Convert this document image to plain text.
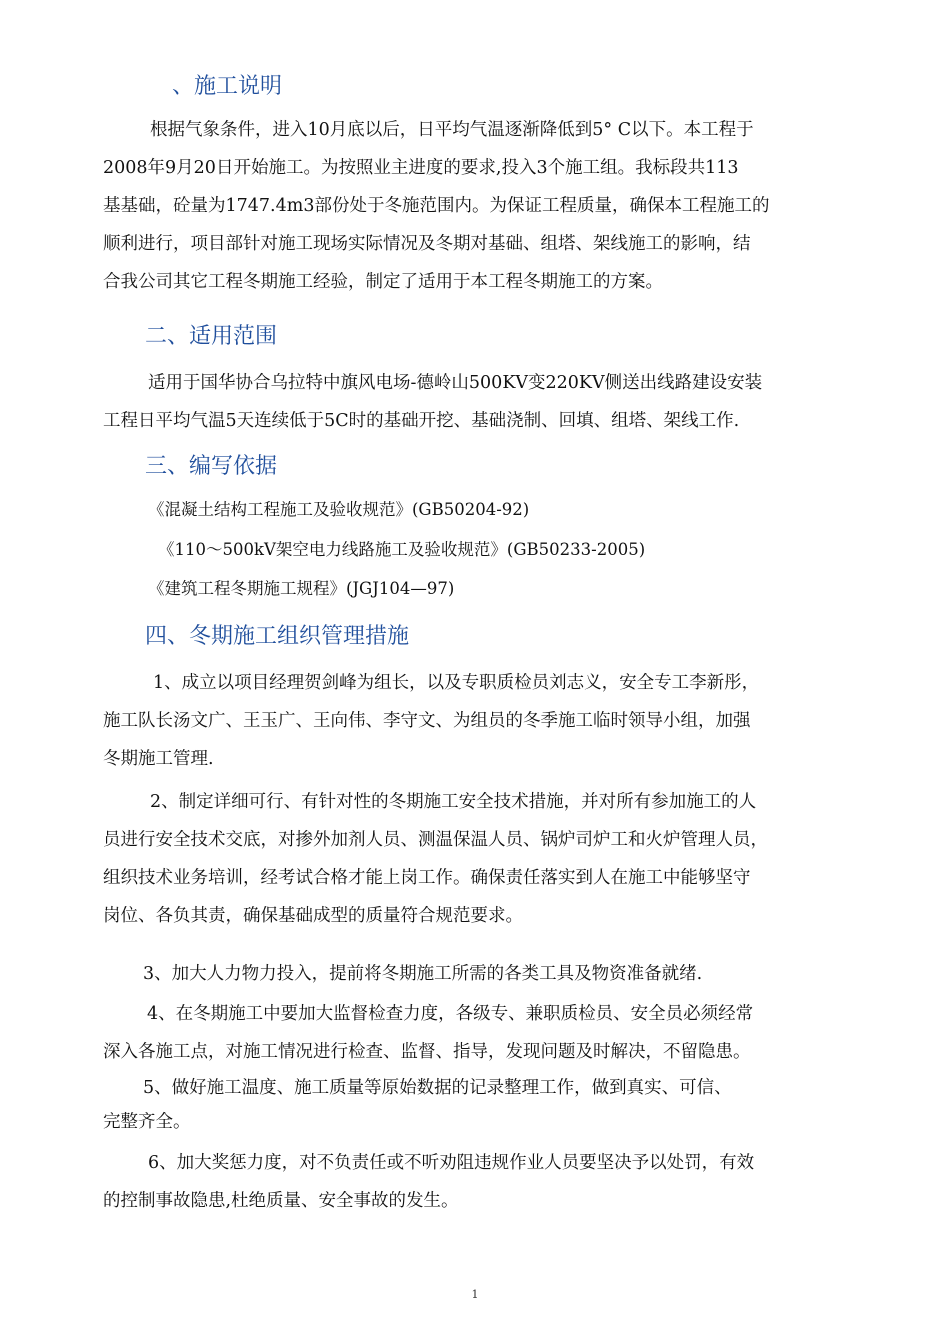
、施工说明
根据气象条件，进入10月底以后，日平均气温逐渐降低到5° C以下。本工程于
2008年9月20日开始施工。为按照业主进度的要求,投入3个施工组。我标段共113
基基础，砼量为1747.4m3部份处于冬施范围内。为保证工程质量，确保本工程施工的
顺利进行，项目部针对施工现场实际情况及冬期对基础、组塔、架线施工的影响，结
合我公司其它工程冬期施工经验，制定了适用于本工程冬期施工的方案。
二、适用范围
适用于国华协合乌拉特中旗风电场-德岭山500KV变220KV侧送出线路建设安装
工程日平均气温5天连续低于5C时的基础开挖、基础浇制、回填、组塔、架线工作.
三、编写依据
《混凝土结构工程施工及验收规范》(GB50204-92)
《110～500kV架空电力线路施工及验收规范》(GB50233-2005)
《建筑工程冬期施工规程》(JGJ104—97)
四、冬期施工组织管理措施
1、成立以项目经理贺剑峰为组长，以及专职质检员刘志义，安全专工李新彤，
施工队长汤文广、王玉广、王向伟、李守文、为组员的冬季施工临时领导小组，加强
冬期施工管理.
2、制定详细可行、有针对性的冬期施工安全技术措施，并对所有参加施工的人
员进行安全技术交底，对掺外加剂人员、测温保温人员、锅炉司炉工和火炉管理人员，
组织技术业务培训，经考试合格才能上岗工作。确保责任落实到人在施工中能够坚守
岗位、各负其责，确保基础成型的质量符合规范要求。
3、加大人力物力投入，提前将冬期施工所需的各类工具及物资准备就绪.
4、在冬期施工中要加大监督检查力度，各级专、兼职质检员、安全员必须经常
深入各施工点，对施工情况进行检查、监督、指导，发现问题及时解决，不留隐患。
5、做好施工温度、施工质量等原始数据的记录整理工作，做到真实、可信、
完整齐全。
6、加大奖惩力度，对不负责任或不听劝阻违规作业人员要坚决予以处罚，有效
的控制事故隐患,杜绝质量、安全事故的发生。
1
